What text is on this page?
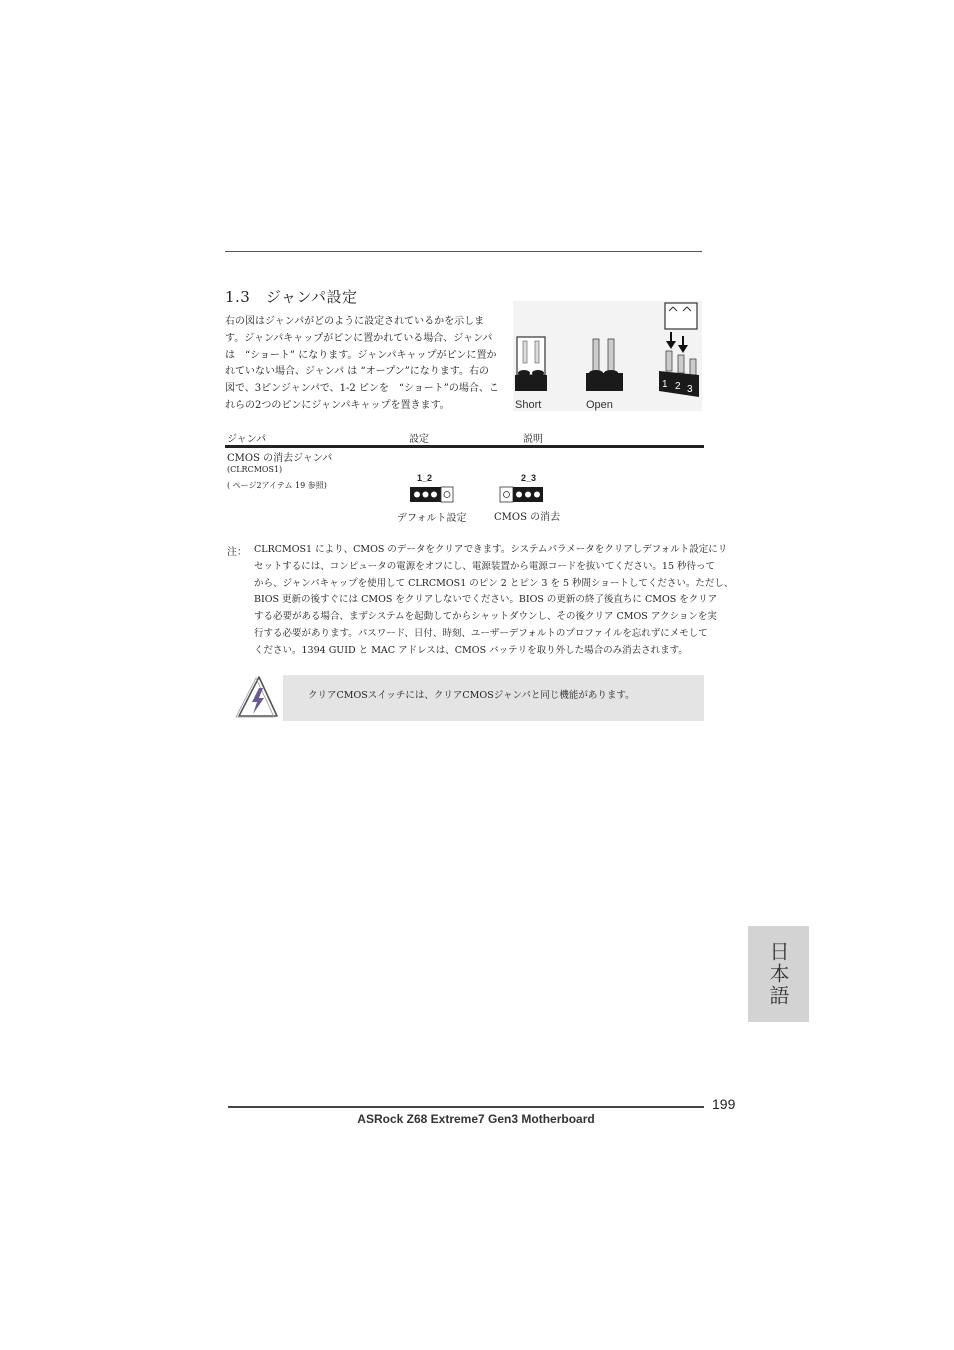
1.3　ジャンパ設定
右の図はジャンパがどのように設定されているかを示しま
す。ジャンパキャップがピンに置かれている場合、ジャンパ
は　“ショート” になります。ジャンパキャップがピンに置か
れていない場合、ジャンパ は “オープン”になります。右の
図で、3ピンジャンパで、1-2 ピンを　“ショート”の場合、こ
れらの2つのピンにジャンパキャップを置きます。	Short	Open
1 2 3
ジャンパ	設定	説明
CMOS の消去ジャンパ
(CLRCMOS1)
( ページ2アイテム 19 参照)
1_2	2_3
デフォルト設定	CMOS の消去
注： CLRCMOS1 により、CMOS のデータをクリアできます。システムパラメータをクリアしデフォルト設定にリ
セットするには、コンピュータの電源をオフにし、電源装置から電源コードを抜いてください。15 秒待って
から、ジャンパキャップを使用して CLRCMOS1 のピン 2 とピン 3 を 5 秒間ショートしてください。ただし、
BIOS 更新の後すぐには CMOS をクリアしないでください。BIOS の更新の終了後直ちに CMOS をクリア
する必要がある場合、まずシステムを起動してからシャットダウンし、その後クリア CMOS アクションを実
行する必要があります。パスワード、日付、時刻、ユーザーデフォルトのプロファイルを忘れずにメモして
ください。1394 GUID と MAC アドレスは、CMOS バッテリを取り外した場合のみ消去されます。
クリアCMOSスイッチには、クリアCMOSジャンパと同じ機能があります。
日本語
199
ASRock Z68 Extreme7 Gen3 Motherboard
